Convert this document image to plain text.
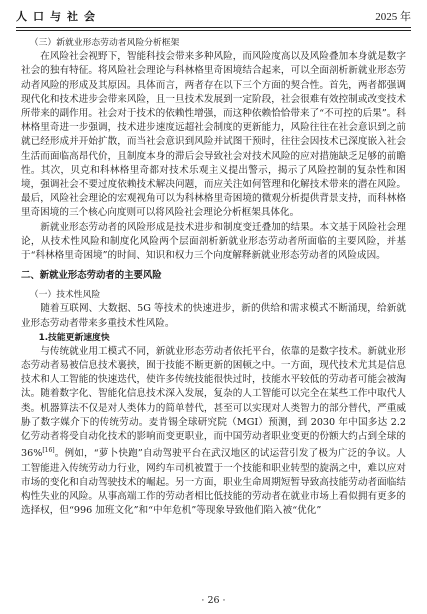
人口与社会	2025 年
（三）新就业形态劳动者风险分析框架

在风险社会视野下，智能科技会带来多种风险，而风险度高以及风险叠加本身就是数字社会的独有特征。将风险社会理论与科林格里奇困境结合起来，可以全面剖析新就业形态劳动者风险的形成及其原因。具体而言，两者存在以下三个方面的契合性。首先，两者都强调现代化和技术进步会带来风险，且一旦技术发展到一定阶段，社会很难有效控制或改变技术所带来的副作用。社会对于技术的依赖性增强，而这种依赖恰恰带来了“不可控的后果”。科林格里奇进一步强调，技术进步速度远超社会制度的更新能力，风险往往在社会意识到之前就已经形成并开始扩散，而当社会意识到风险并试图干预时，往往会因技术已深度嵌入社会生活而面临高昂代价，且制度本身的滞后会导致社会对技术风险的应对措施缺乏足够的前瞻性。其次，贝克和科林格里奇都对技术乐观主义提出警示，揭示了风险控制的复杂性和困境，强调社会不要过度依赖技术解决问题，而应关注如何管理和化解技术带来的潜在风险。最后，风险社会理论的宏观视角可以为科林格里奇困境的微观分析提供背景支持，而科林格里奇困境的三个核心向度则可以将风险社会理论分析框架具体化。

新就业形态劳动者的风险形成是技术进步和制度变迁叠加的结果。本文基于风险社会理论，从技术性风险和制度化风险两个层面剖析新就业形态劳动者所面临的主要风险，并基于“科林格里奇困境”的时间、知识和权力三个向度解释新就业形态劳动者的风险成因。

二、新就业形态劳动者的主要风险
（一）技术性风险

随着互联网、大数据、5G 等技术的快速进步，新的供给和需求模式不断涌现，给新就业形态劳动者带来多重技术性风险。

1.技能更新速度快

与传统就业用工模式不同，新就业形态劳动者依托平台，依靠的是数字技术。新就业形态劳动者易被信息技术裹挟，囿于技能不断更新的困顿之中。一方面，现代技术尤其是信息技术和人工智能的快速迭代，使许多传统技能很快过时，技能水平较低的劳动者可能会被淘汰。随着数字化、智能化信息技术深入发展，复杂的人工智能可以完全在某些工作中取代人类。机器算法不仅是对人类体力的简单替代，甚至可以实现对人类智力的部分替代，严重威胁了数字媒介下的传统劳动。麦肯锡全球研究院（MGI）预测，到 2030 年中国多达 2.2 亿劳动者将受自动化技术的影响而变更职业，而中国劳动者职业变更的份额大约占到全球的 36%[16]。例如，“萝卜快跑”自动驾驶平台在武汉地区的试运营引发了极为广泛的争议。人工智能进入传统劳动力行业，网约车司机被置于一个技能和职业转型的旋涡之中，难以应对市场的变化和自动驾驶技术的崛起。另一方面，职业生命周期短暂导致高技能劳动者面临结构性失业的风险。从事高端工作的劳动者相比低技能的劳动者在就业市场上看似拥有更多的选择权，但“996 加班文化”和“中年危机”等现象导致他们陷入被“优化”

· 26 ·
